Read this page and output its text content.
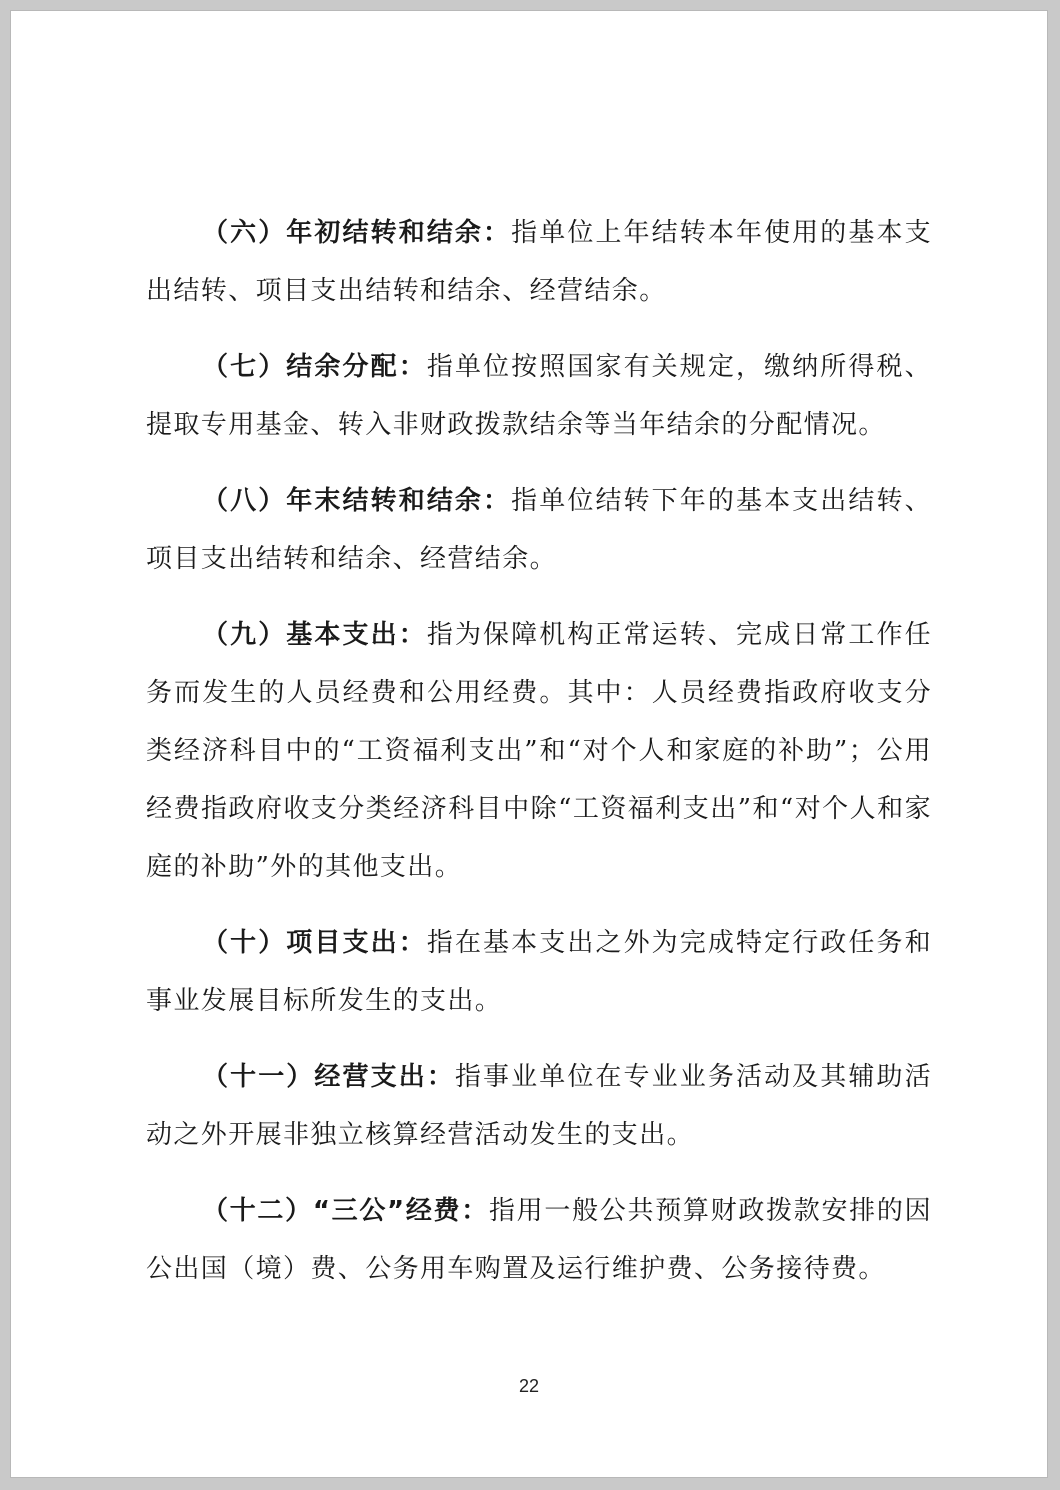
（六）年初结转和结余：指单位上年结转本年使用的基本支出结转、项目支出结转和结余、经营结余。

（七）结余分配：指单位按照国家有关规定，缴纳所得税、提取专用基金、转入非财政拨款结余等当年结余的分配情况。

（八）年末结转和结余：指单位结转下年的基本支出结转、项目支出结转和结余、经营结余。

（九）基本支出：指为保障机构正常运转、完成日常工作任务而发生的人员经费和公用经费。其中：人员经费指政府收支分类经济科目中的“工资福利支出”和“对个人和家庭的补助”；公用经费指政府收支分类经济科目中除“工资福利支出”和“对个人和家庭的补助”外的其他支出。

（十）项目支出：指在基本支出之外为完成特定行政任务和事业发展目标所发生的支出。

（十一）经营支出：指事业单位在专业业务活动及其辅助活动之外开展非独立核算经营活动发生的支出。

（十二）“三公”经费：指用一般公共预算财政拨款安排的因公出国（境）费、公务用车购置及运行维护费、公务接待费。

22
